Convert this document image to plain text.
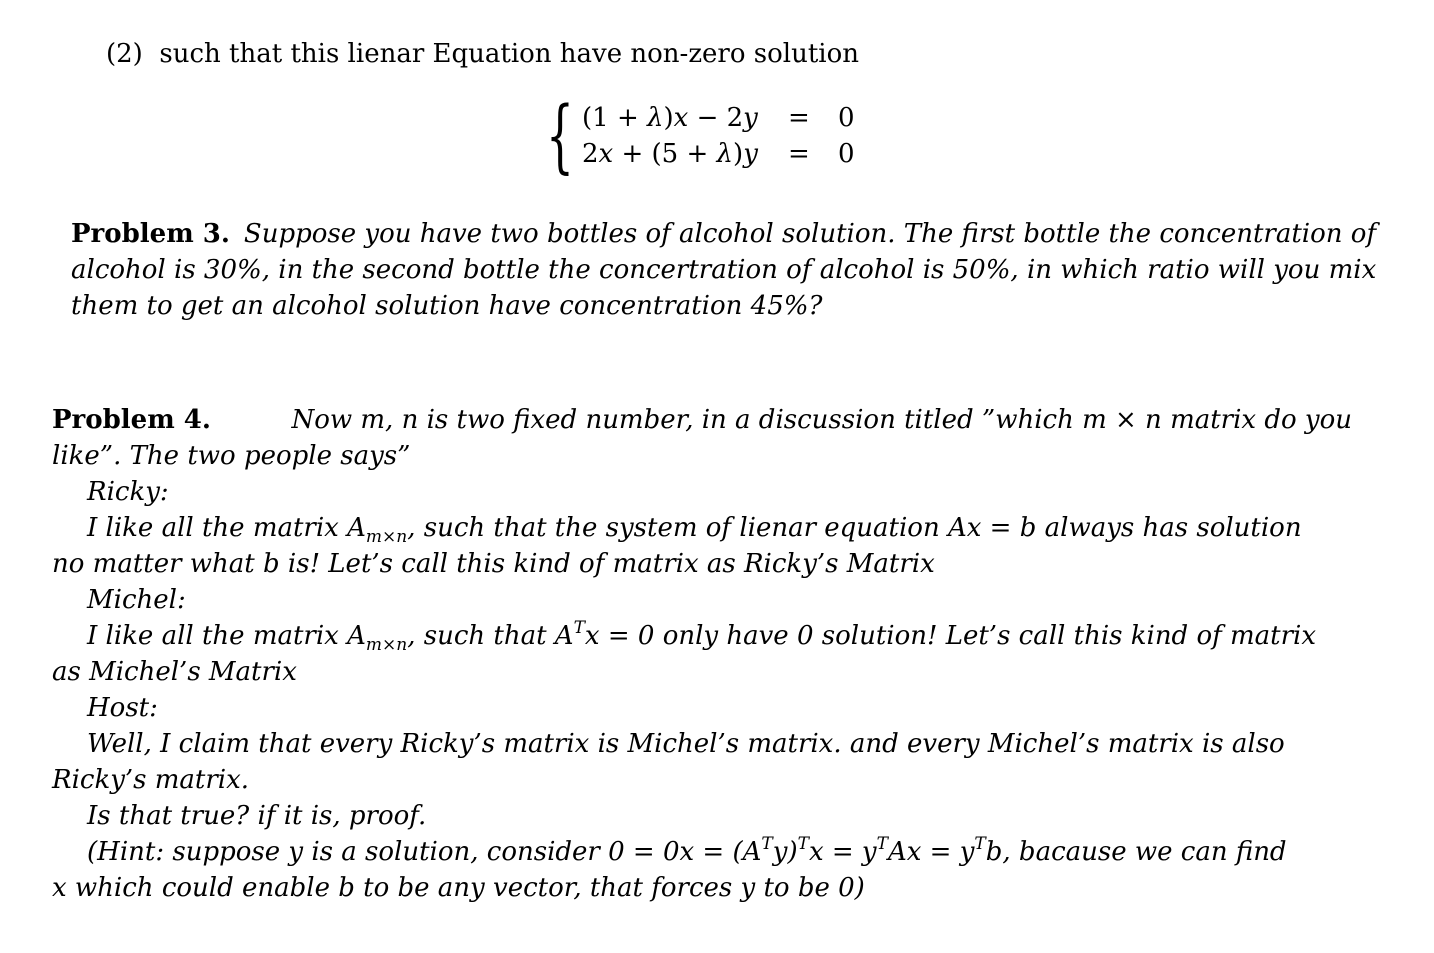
(2) such that this lienar Equation have non-zero solution
{ (1 + λ)x − 2y = 0
2x + (5 + λ)y = 0
Problem 3. Suppose you have two bottles of alcohol solution. The first bottle the concentration of
alcohol is 30%, in the second bottle the concertration of alcohol is 50%, in which ratio will you mix
them to get an alcohol solution have concentration 45%?
Problem 4.	Now m, n is two fixed number, in a discussion titled ”which m × n matrix do you
like”. The two people says”
Ricky:
I like all the matrix $A_{m\times n}$, such that the system of lienar equation Ax = b always has solution
no matter what b is! Let’s call this kind of matrix as Ricky’s Matrix
Michel:
I like all the matrix $A_{m\times n}$, such that $A^Tx = 0$ only have 0 solution! Let’s call this kind of matrix
as Michel’s Matrix
Host:
Well, I claim that every Ricky’s matrix is Michel’s matrix. and every Michel’s matrix is also
Ricky’s matrix.
Is that true? if it is, proof.
(Hint: suppose y is a solution, consider $0 = 0x = (A^Ty)^Tx = y^TAx = y^Tb$, bacause we can find
x which could enable b to be any vector, that forces y to be 0)
